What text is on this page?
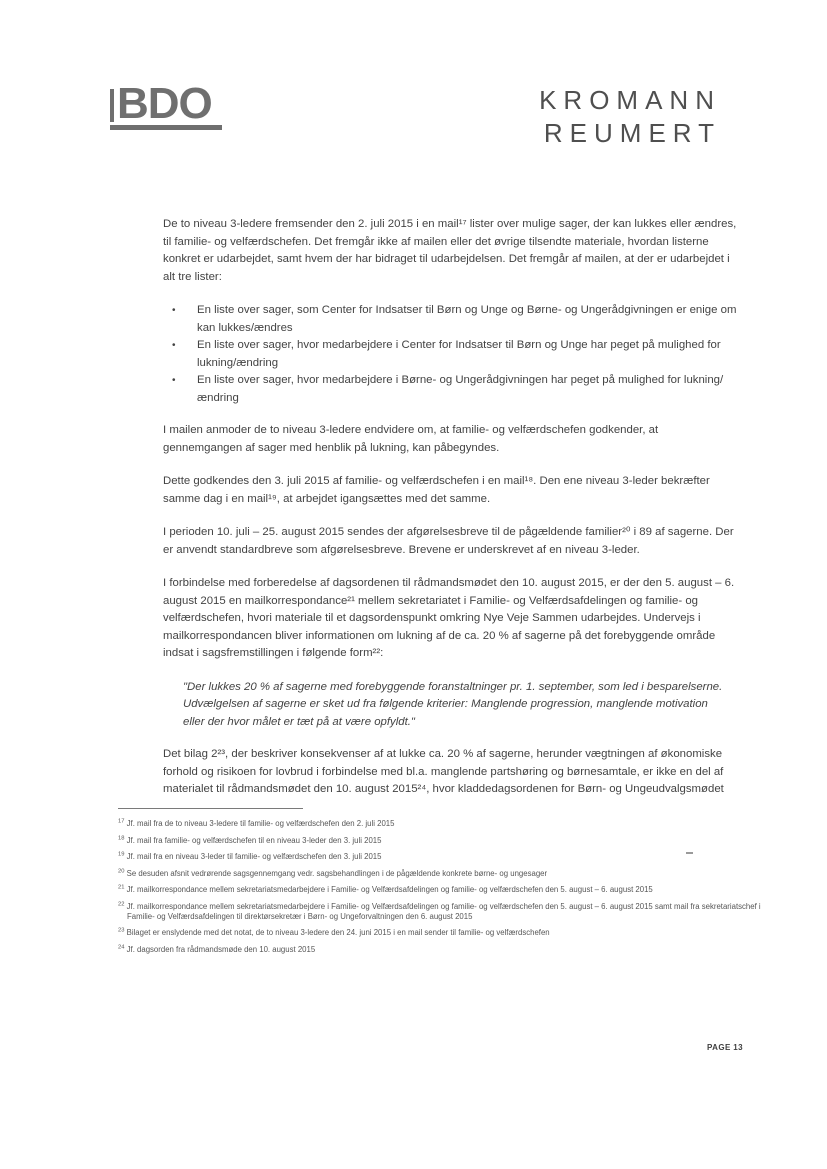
BDO	KROMANN
REUMERT

De to niveau 3-ledere fremsender den 2. juli 2015 i en mail¹⁷ lister over mulige sager, der kan lukkes eller ændres, til familie- og velfærdschefen. Det fremgår ikke af mailen eller det øvrige tilsendte materiale, hvordan listerne konkret er udarbejdet, samt hvem der har bidraget til udarbejdelsen. Det fremgår af mailen, at der er udarbejdet i alt tre lister:

•
En liste over sager, som Center for Indsatser til Børn og Unge og Børne- og Ungerådgivningen er enige om kan lukkes/ændres
•
En liste over sager, hvor medarbejdere i Center for Indsatser til Børn og Unge har peget på mulighed for lukning/ændring
•
En liste over sager, hvor medarbejdere i Børne- og Ungerådgivningen har peget på mulighed for lukning/ændring

I mailen anmoder de to niveau 3-ledere endvidere om, at familie- og velfærdschefen godkender, at gennemgangen af sager med henblik på lukning, kan påbegyndes.

Dette godkendes den 3. juli 2015 af familie- og velfærdschefen i en mail¹⁸. Den ene niveau 3-leder bekræfter samme dag i en mail¹⁹, at arbejdet igangsættes med det samme.

I perioden 10. juli – 25. august 2015 sendes der afgørelsesbreve til de pågældende familier²⁰ i 89 af sagerne. Der er anvendt standardbreve som afgørelsesbreve. Brevene er underskrevet af en niveau 3-leder.

I forbindelse med forberedelse af dagsordenen til rådmandsmødet den 10. august 2015, er der den 5. august – 6. august 2015 en mailkorrespondance²¹ mellem sekretariatet i Familie- og Velfærdsafdelingen og familie- og velfærdschefen, hvori materiale til et dagsordenspunkt omkring Nye Veje Sammen udarbejdes. Undervejs i mailkorrespondancen bliver informationen om lukning af de ca. 20 % af sagerne på det forebyggende område indsat i sagsfremstillingen i følgende form²²:

"Der lukkes 20 % af sagerne med forebyggende foranstaltninger pr. 1. september, som led i besparelserne. Udvælgelsen af sagerne er sket ud fra følgende kriterier: Manglende progression, manglende motivation eller der hvor målet er tæt på at være opfyldt."

Det bilag 2²³, der beskriver konsekvenser af at lukke ca. 20 % af sagerne, herunder vægtningen af økonomiske forhold og risikoen for lovbrud i forbindelse med bl.a. manglende partshøring og børnesamtale, er ikke en del af materialet til rådmandsmødet den 10. august 2015²⁴, hvor kladdedagsordenen for Børn- og Ungeudvalgsmødet

$^{17}$ Jf. mail fra de to niveau 3-ledere til familie- og velfærdschefen den 2. juli 2015
$^{18}$ Jf. mail fra familie- og velfærdschefen til en niveau 3-leder den 3. juli 2015
$^{19}$ Jf. mail fra en niveau 3-leder til familie- og velfærdschefen den 3. juli 2015
$^{20}$ Se desuden afsnit vedrørende sagsgennemgang vedr. sagsbehandlingen i de pågældende konkrete børne- og ungesager
$^{21}$ Jf. mailkorrespondance mellem sekretariatsmedarbejdere i Familie- og Velfærdsafdelingen og familie- og velfærdschefen den 5. august – 6. august 2015
$^{22}$ Jf. mailkorrespondance mellem sekretariatsmedarbejdere i Familie- og Velfærdsafdelingen og familie- og velfærdschefen den 5. august – 6. august 2015 samt mail fra sekretariatschef i Familie- og Velfærdsafdelingen til direktørsekretær i Børn- og Ungeforvaltningen den 6. august 2015
$^{23}$ Bilaget er enslydende med det notat, de to niveau 3-ledere den 24. juni 2015 i en mail sender til familie- og velfærdschefen
$^{24}$ Jf. dagsorden fra rådmandsmøde den 10. august 2015
PAGE 13
